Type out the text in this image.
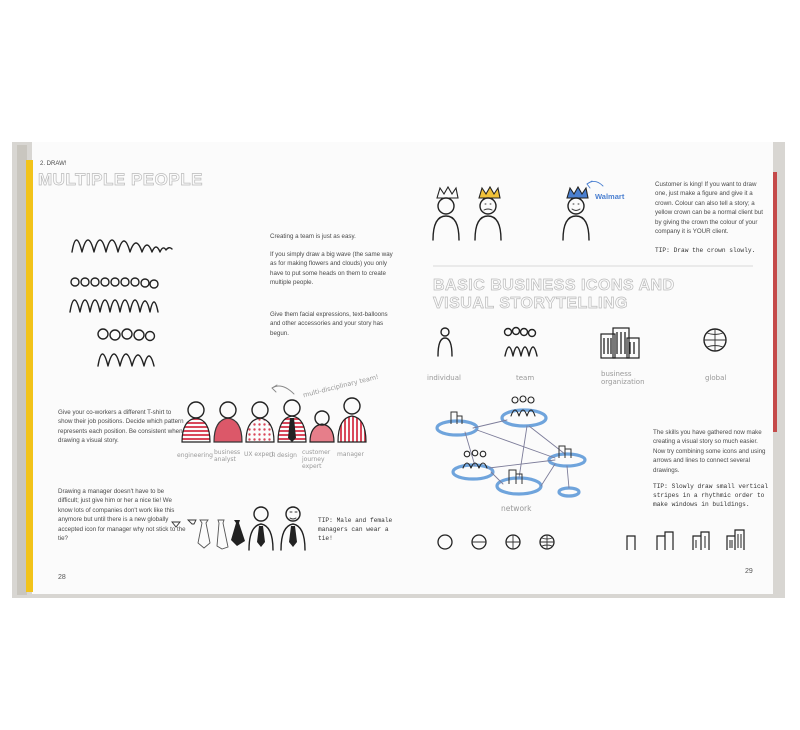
2. DRAW!
MULTIPLE PEOPLE
Creating a team is just as easy.
If you simply draw a big wave (the same way as for making flowers and clouds) you only have to put some heads on them to create multiple people.
Give them facial expressions, text-balloons and other accessories and your story has begun.
Give your co-workers a different T-shirt to show their job positions. Decide which pattern represents each position. Be consistent when drawing a visual story.
Drawing a manager doesn't have to be difficult; just give him or her a nice tie! We know lots of companies don't work like this anymore but until there is a new globally accepted icon for manager why not stick to the tie?
TIP: Male and female managers can wear a tie!
multi-disciplinary team!
engineering business analyst
UX expert
UI design customer journey expert
manager
28
Customer is king! If you want to draw one, just make a figure and give it a crown. Colour can also tell a story; a yellow crown can be a normal client but by giving the crown the colour of your company it is YOUR client.
TIP: Draw the crown slowly.
Walmart
BASIC BUSINESS ICONS AND
VISUAL STORYTELLING
individual	team	business organization	global
The skills you have gathered now make creating a visual story so much easier. Now try combining some icons and using arrows and lines to connect several drawings.
TIP: Slowly draw small vertical stripes in a rhythmic order to make windows in buildings.
network
29
